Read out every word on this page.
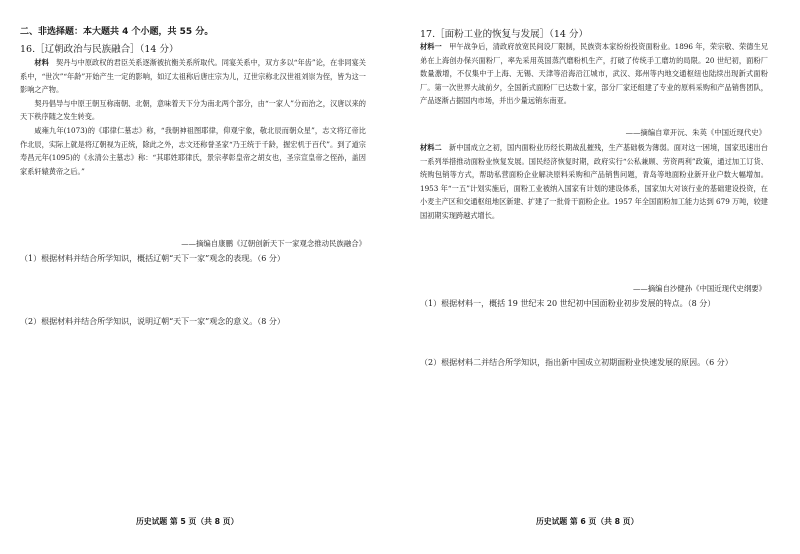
二、非选择题：本大题共 4 个小题，共 55 分。
16.［辽朝政治与民族融合］（14 分）

材料　 契丹与中原政权的君臣关系逐渐被抗衡关系所取代。同宴关系中，双方多以“年齿”论，在非同宴关系中，“世次”“年龄”开始产生一定的影响，如辽太祖称后唐庄宗为儿，辽世宗称北汉世祖刘崇为侄，皆为这一影响之产物。

契丹倡导与中原王朝互称南朝、北朝，意味着天下分为南北两个部分，由“一家人”分而治之，汉唐以来的天下秩序随之发生转变。

咸雍九年(1073)的《耶律仁墓志》称，“我朝神祖图耶律，仰观宇象，敬北辰而朝众星”，志文将辽帝比作北辰，实际上就是将辽朝视为正统，除此之外，志文还称誉圣家“乃王统于千龄，握宏机于百代”。到了道宗寿昌元年(1095)的《永清公主墓志》称：“其耶姓耶律氏，景宗孝彰皇帝之胡女也，圣宗宣皇帝之侄孙，盖因家系轩辕黄帝之后。”

——摘编自康鹏《辽朝创新天下一家观念推动民族融合》
（1）根据材料并结合所学知识，概括辽朝“天下一家”观念的表现。（6 分）
（2）根据材料并结合所学知识，说明辽朝“天下一家”观念的意义。（8 分）
历史试题 第 5 页（共 8 页）
17.［面粉工业的恢复与发展］（14 分）

材料一　 甲午战争后，清政府放宽民间设厂限制，民族资本家纷纷投资面粉业。1896 年，荣宗敬、荣德生兄弟在上海创办保兴面粉厂，率先采用英国蒸汽磨粉机生产，打破了传统手工磨坊的局限。20 世纪初，面粉厂数量激增，不仅集中于上海、无锡、天津等沿海沿江城市，武汉、郑州等内地交通枢纽也陆续出现新式面粉厂。第一次世界大战前夕，全国新式面粉厂已达数十家，部分厂家还组建了专业的原料采购和产品销售团队，产品逐渐占据国内市场，并出少量远销东南亚。

——摘编自章开沅、朱英《中国近现代史》

材料二　 新中国成立之初，国内面粉业历经长期战乱摧残，生产基础极为薄弱。面对这一困境，国家迅速出台一系列举措推动面粉业恢复发展。国民经济恢复时期，政府实行“公私兼顾、劳资两利”政策，通过加工订货、统购包销等方式，帮助私营面粉企业解决原料采购和产品销售问题，青岛等地面粉业新开业户数大幅增加。1953 年“一五”计划实施后，面粉工业被纳入国家有计划的建设体系，国家加大对该行业的基础建设投资，在小麦主产区和交通枢纽地区新建、扩建了一批骨干面粉企业。1957 年全国面粉加工能力达到 679 万吨，较建国初期实现跨越式增长。

——摘编自沙健孙《中国近现代史纲要》
（1）根据材料一，概括 19 世纪末 20 世纪初中国面粉业初步发展的特点。（8 分）
（2）根据材料二并结合所学知识，指出新中国成立初期面粉业快速发展的原因。（6 分）
历史试题 第 6 页（共 8 页）
